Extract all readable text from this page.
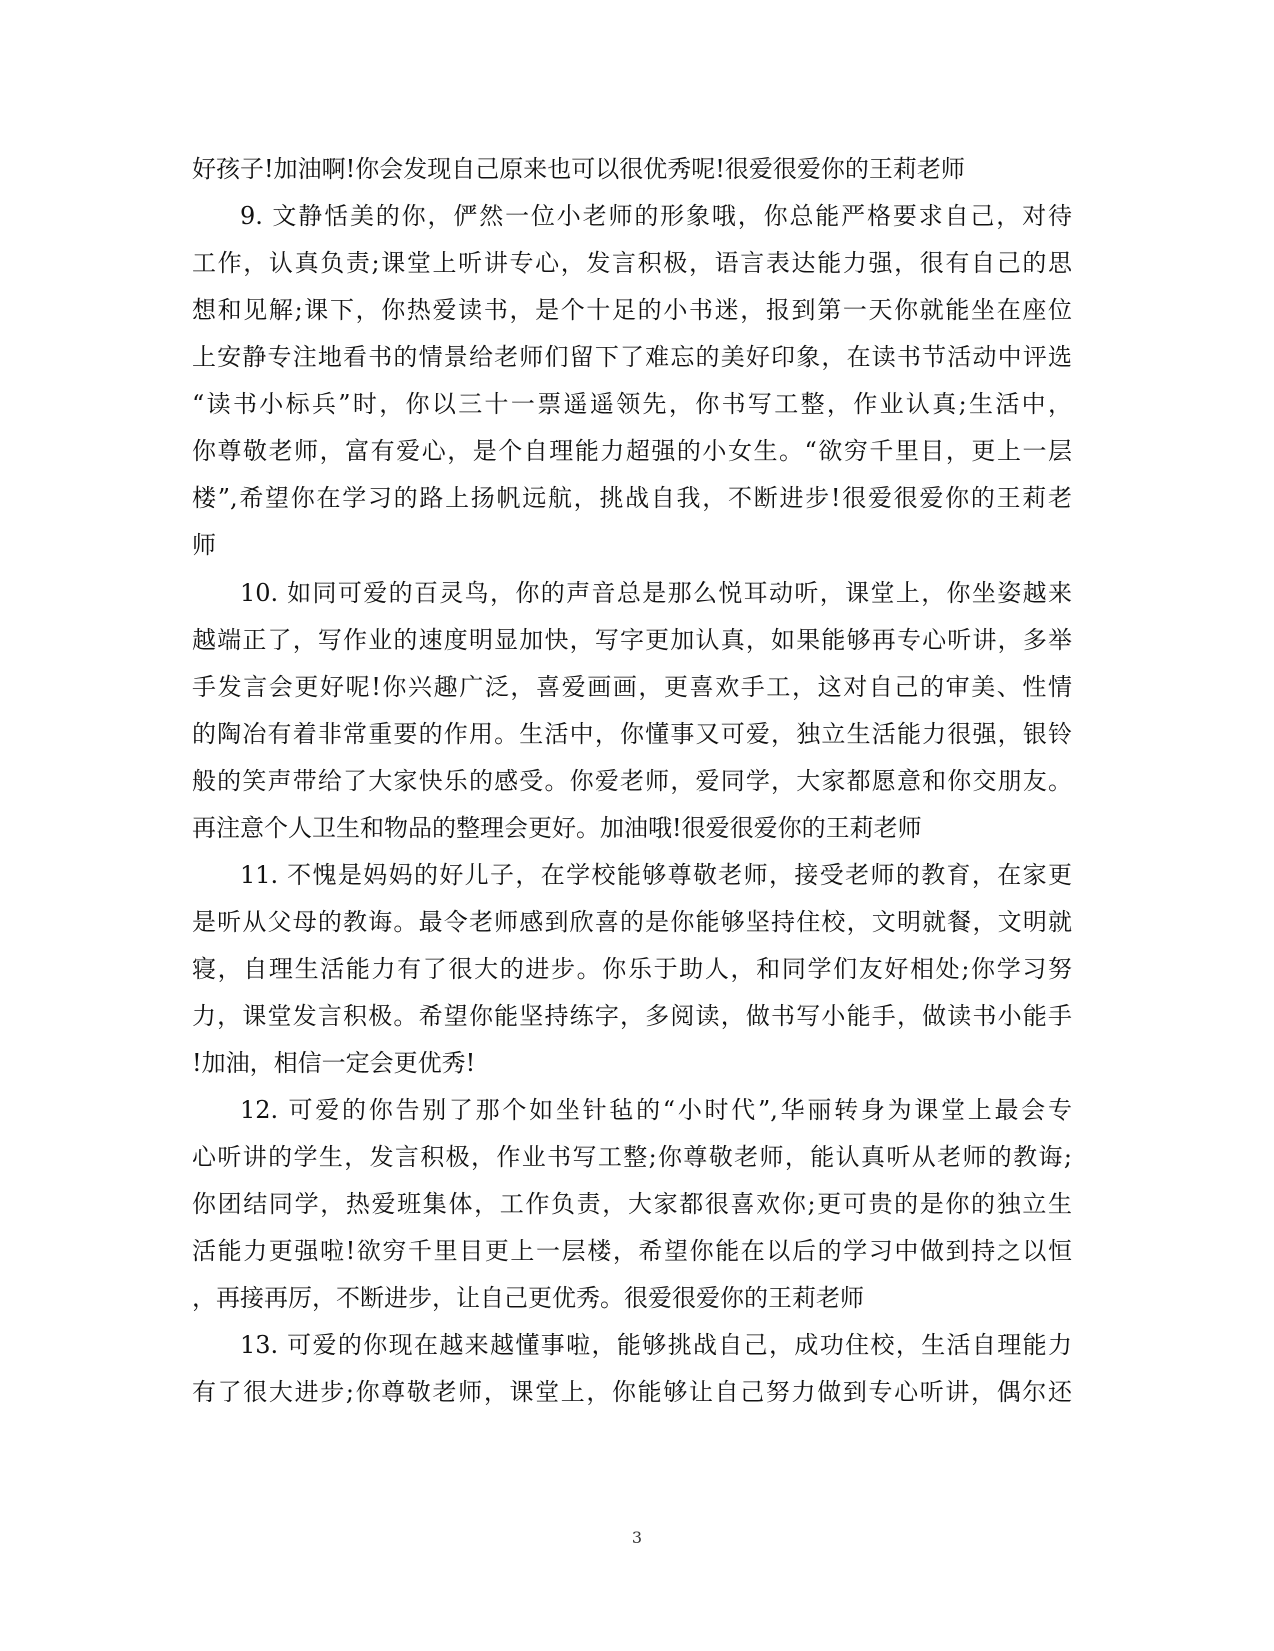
好孩子!加油啊!你会发现自己原来也可以很优秀呢!很爱很爱你的王莉老师
9. 文静恬美的你，俨然一位小老师的形象哦，你总能严格要求自己，对待
工作，认真负责;课堂上听讲专心，发言积极，语言表达能力强，很有自己的思
想和见解;课下，你热爱读书，是个十足的小书迷，报到第一天你就能坐在座位
上安静专注地看书的情景给老师们留下了难忘的美好印象，在读书节活动中评选
“读书小标兵”时，你以三十一票遥遥领先，你书写工整，作业认真;生活中，
你尊敬老师，富有爱心，是个自理能力超强的小女生。“欲穷千里目，更上一层
楼”,希望你在学习的路上扬帆远航，挑战自我，不断进步!很爱很爱你的王莉老
师
10. 如同可爱的百灵鸟，你的声音总是那么悦耳动听，课堂上，你坐姿越来
越端正了，写作业的速度明显加快，写字更加认真，如果能够再专心听讲，多举
手发言会更好呢!你兴趣广泛，喜爱画画，更喜欢手工，这对自己的审美、性情
的陶冶有着非常重要的作用。生活中，你懂事又可爱，独立生活能力很强，银铃
般的笑声带给了大家快乐的感受。你爱老师，爱同学，大家都愿意和你交朋友。
再注意个人卫生和物品的整理会更好。加油哦!很爱很爱你的王莉老师
11. 不愧是妈妈的好儿子，在学校能够尊敬老师，接受老师的教育，在家更
是听从父母的教诲。最令老师感到欣喜的是你能够坚持住校，文明就餐，文明就
寝，自理生活能力有了很大的进步。你乐于助人，和同学们友好相处;你学习努
力，课堂发言积极。希望你能坚持练字，多阅读，做书写小能手，做读书小能手
!加油，相信一定会更优秀!
12. 可爱的你告别了那个如坐针毡的“小时代”,华丽转身为课堂上最会专
心听讲的学生，发言积极，作业书写工整;你尊敬老师，能认真听从老师的教诲;
你团结同学，热爱班集体，工作负责，大家都很喜欢你;更可贵的是你的独立生
活能力更强啦!欲穷千里目更上一层楼，希望你能在以后的学习中做到持之以恒
，再接再厉，不断进步，让自己更优秀。很爱很爱你的王莉老师
13. 可爱的你现在越来越懂事啦，能够挑战自己，成功住校，生活自理能力
有了很大进步;你尊敬老师，课堂上，你能够让自己努力做到专心听讲，偶尔还
3
